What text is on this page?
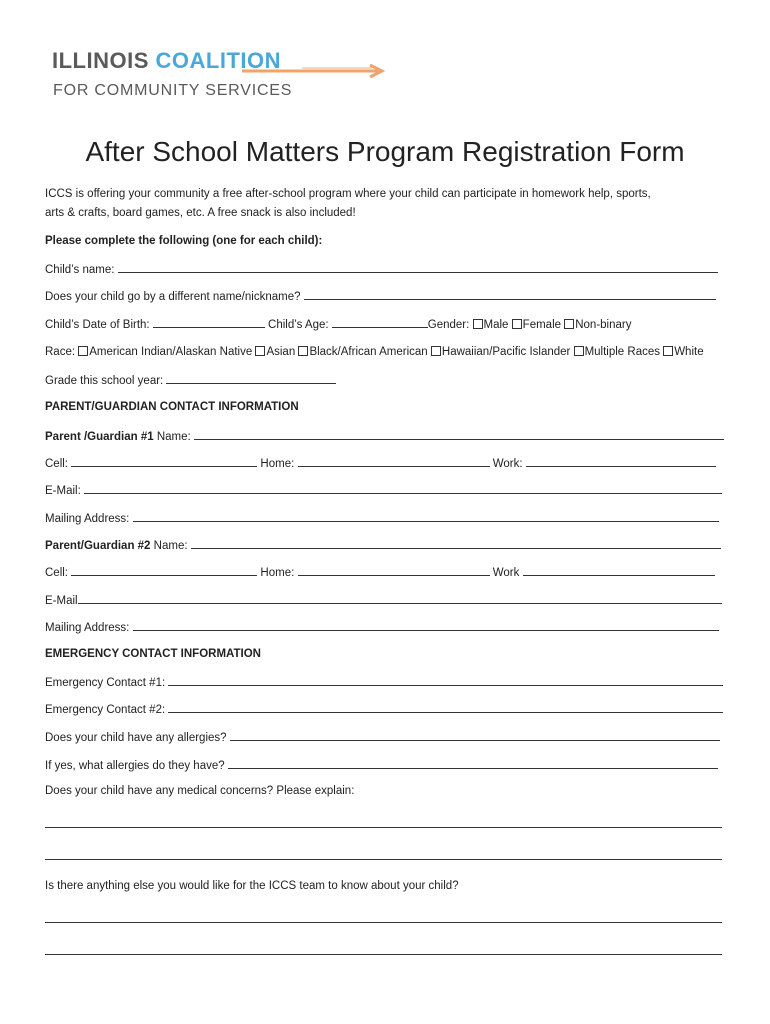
ILLINOIS COALITION
FOR COMMUNITY SERVICES
After School Matters Program Registration Form
ICCS is offering your community a free after-school program where your child can participate in homework help, sports,
arts & crafts, board games, etc. A free snack is also included!
Please complete the following (one for each child):
Child’s name:
Does your child go by a different name/nickname?
Child’s Date of Birth:	Child’s Age:	Gender: Male Female Non-binary
Race: American Indian/Alaskan Native Asian Black/African American Hawaiian/Pacific Islander Multiple Races White
Grade this school year:
PARENT/GUARDIAN CONTACT INFORMATION
Parent /Guardian #1 Name:
Cell:	Home:	Work:
E-Mail:
Mailing Address:
Parent/Guardian #2 Name:
Cell:	Home:	Work
E-Mail
Mailing Address:
EMERGENCY CONTACT INFORMATION
Emergency Contact #1:
Emergency Contact #2:
Does your child have any allergies?
If yes, what allergies do they have?
Does your child have any medical concerns? Please explain:
Is there anything else you would like for the ICCS team to know about your child?
